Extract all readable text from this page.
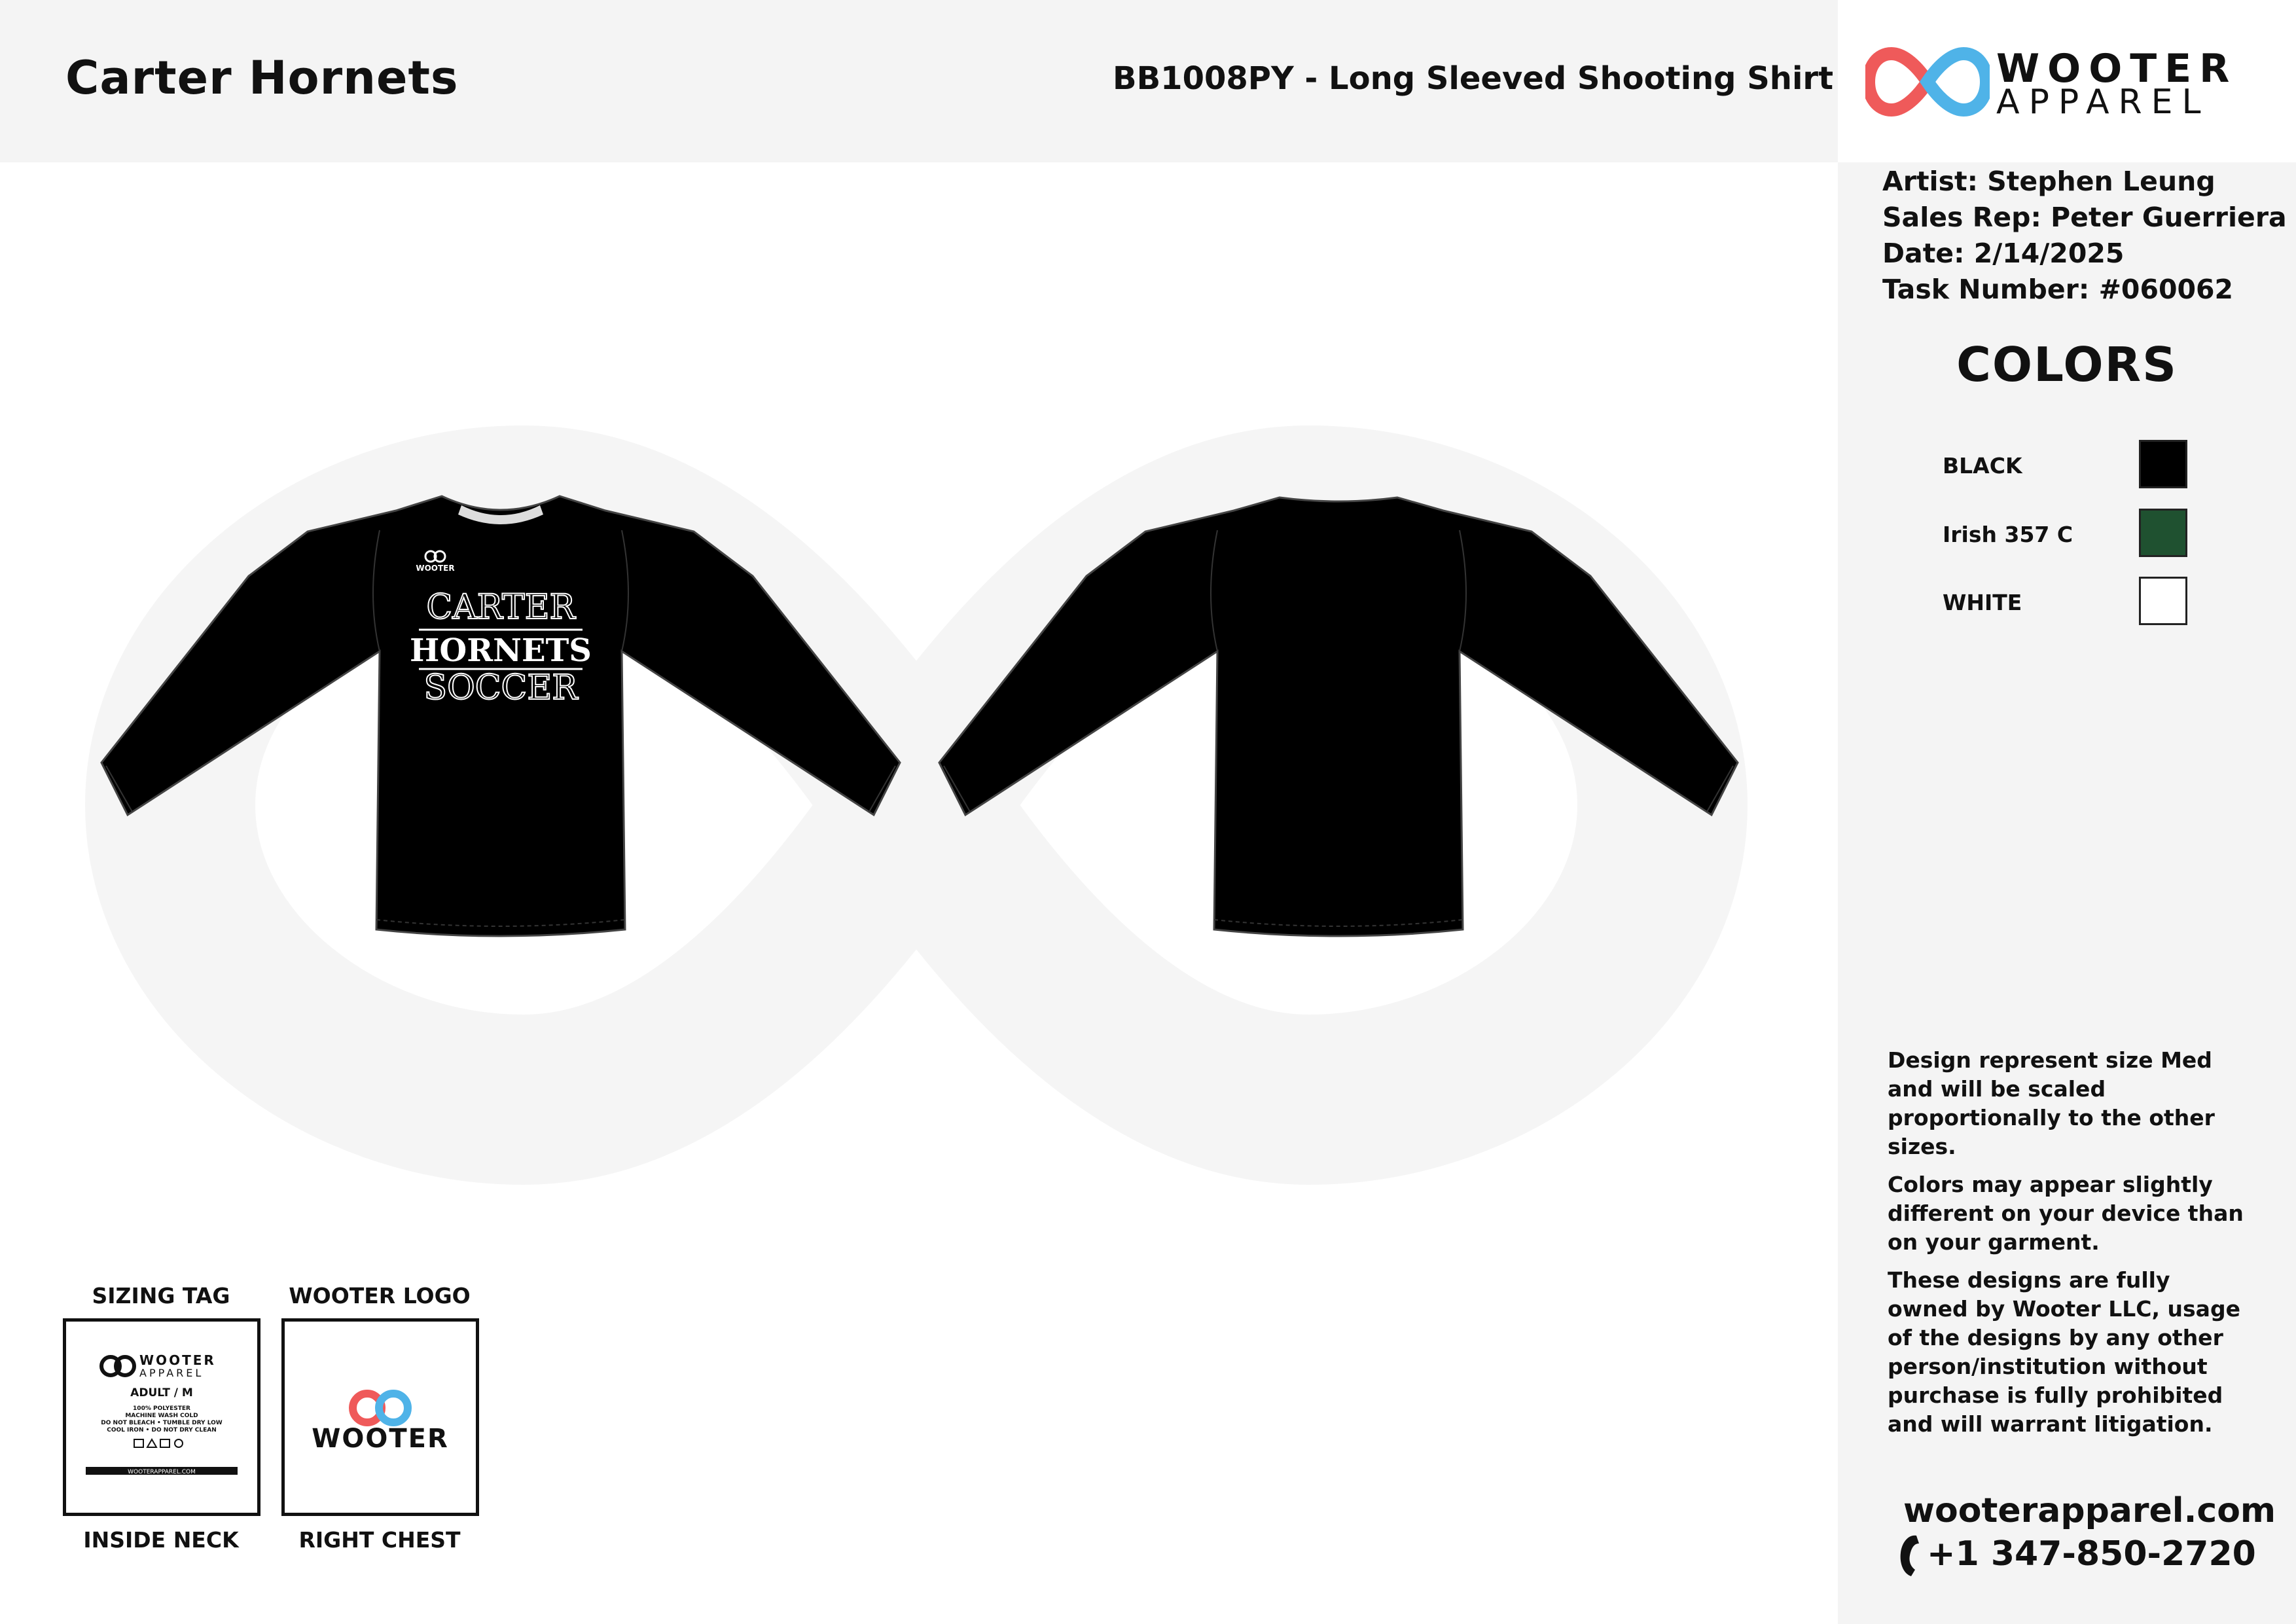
Carter Hornets	BB1008PY - Long Sleeved Shooting Shirt	WOOTER
APPAREL
Artist: Stephen Leung
Sales Rep: Peter Guerriera
Date: 2/14/2025
Task Number: #060062
COLORS
BLACK
Irish 357 C
WHITE

Design represent size Med and will be scaled proportionally to the other sizes.

Colors may appear slightly different on your device than on your garment.

These designs are fully owned by Wooter LLC, usage of the designs by any other person/institution without purchase is fully prohibited and will warrant litigation.

wooterapparel.com
+1 347-850-2720
WOOTER
CARTER
HORNETS
SOCCER
SIZING TAG
WOOTER
APPAREL
ADULT / M
100% POLYESTER
MACHINE WASH COLD
DO NOT BLEACH • TUMBLE DRY LOW
COOL IRON • DO NOT DRY CLEAN
WOOTERAPPAREL.COM
INSIDE NECK
WOOTER LOGO
WOOTER
RIGHT CHEST
